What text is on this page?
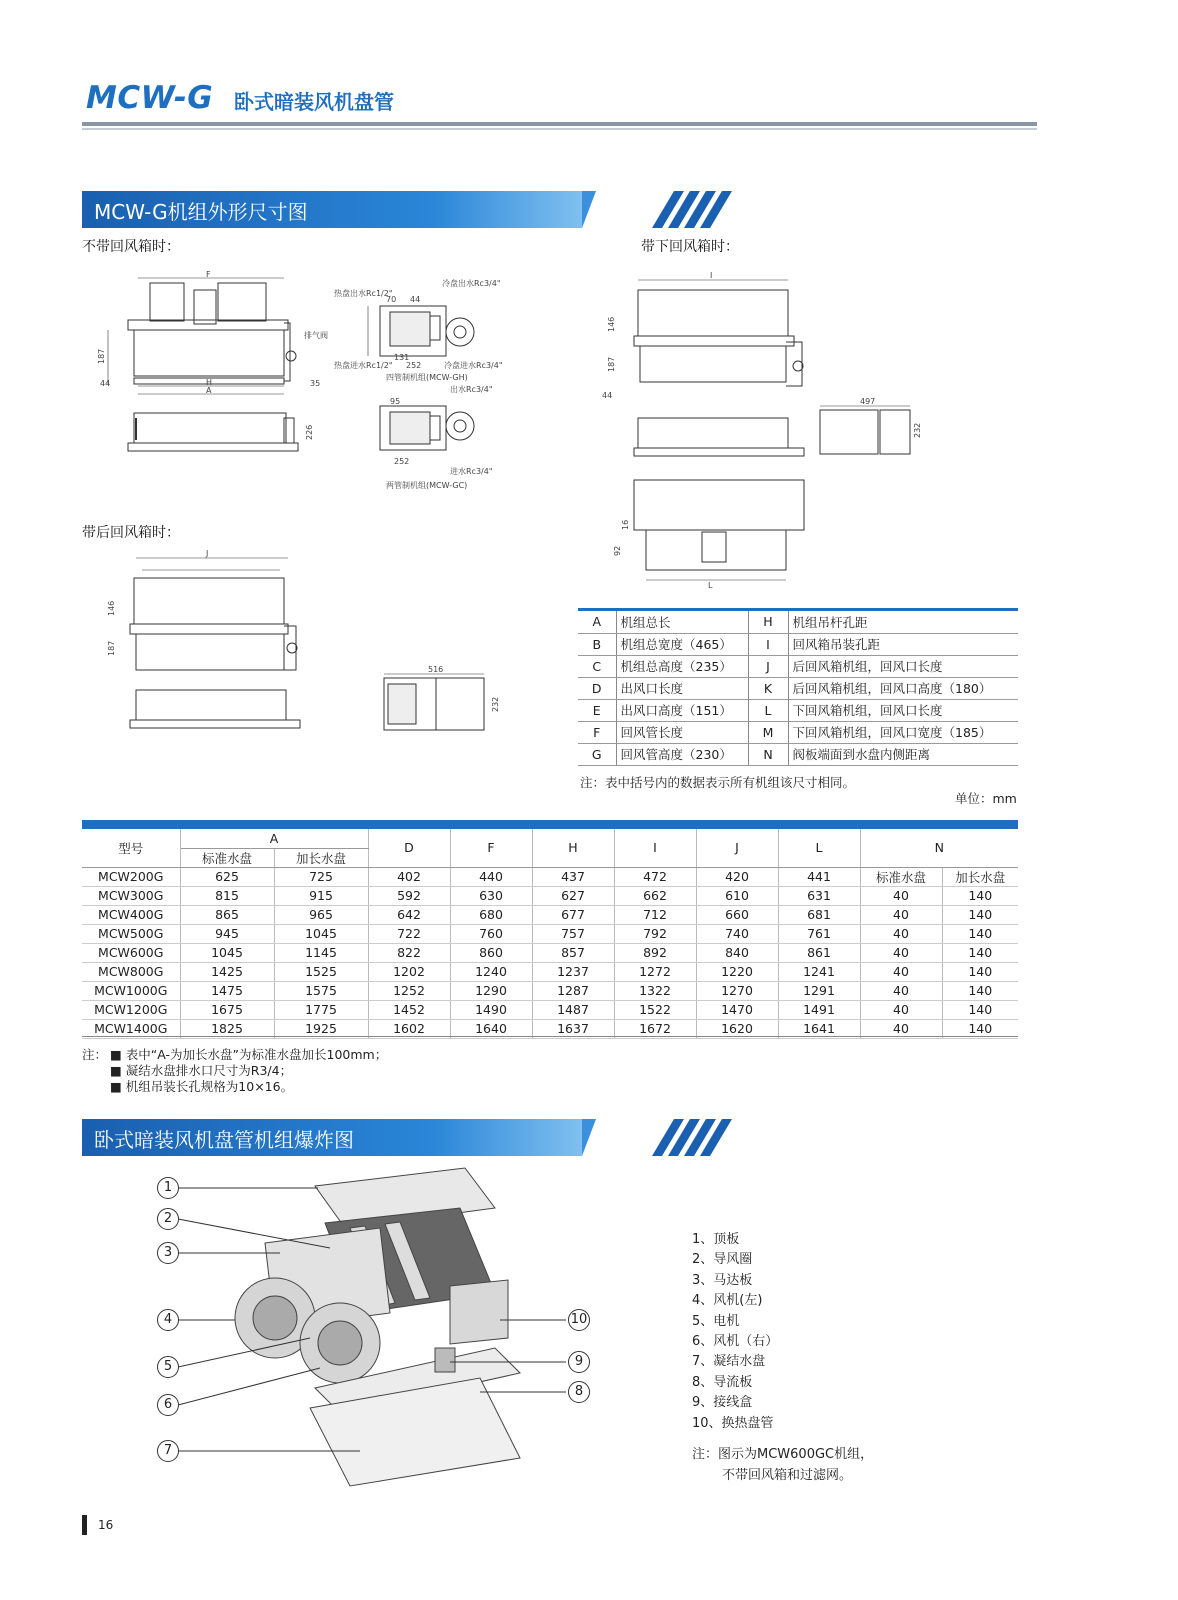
MCW-G 卧式暗装风机盘管
MCW-G机组外形尺寸图
不带回风箱时：	带下回风箱时：
带后回风箱时：
F
H
A
187
44	35
排气阀
226
热盘出水Rc1/2"
冷盘出水Rc3/4"
热盘进水Rc1/2"	冷盘进水Rc3/4"
70 44
131
252
四管制机组(MCW-GH)
出水Rc3/4"
95
252
进水Rc3/4"
两管制机组(MCW-GC)
I
146
187
44
497
232
16
92
L
J
146
187
516
232
A	机组总长	H	机组吊杆孔距
B	机组总宽度（465）	I	回风箱吊装孔距
C	机组总高度（235）	J	后回风箱机组，回风口长度
D	出风口长度	K	后回风箱机组，回风口高度（180）
E	出风口高度（151）	L	下回风箱机组，回风口长度
F	回风管长度	M	下回风箱机组，回风口宽度（185）
G	回风管高度（230）	N	阀板端面到水盘内侧距离
注：表中括号内的数据表示所有机组该尺寸相同。
单位：mm
型号	A		D	F	H	I	J	L	N	
	标准水盘	加长水盘								
MCW200G	625	725	402	440	437	472	420	441	标准水盘	加长水盘
MCW300G	815	915	592	630	627	662	610	631	40	140
MCW400G	865	965	642	680	677	712	660	681	40	140
MCW500G	945	1045	722	760	757	792	740	761	40	140
MCW600G	1045	1145	822	860	857	892	840	861	40	140
MCW800G	1425	1525	1202	1240	1237	1272	1220	1241	40	140
MCW1000G	1475	1575	1252	1290	1287	1322	1270	1291	40	140
MCW1200G	1675	1775	1452	1490	1487	1522	1470	1491	40	140
MCW1400G	1825	1925	1602	1640	1637	1672	1620	1641	40	140
注： ■ 表中“A-为加长水盘”为标准水盘加长100mm；
■ 凝结水盘排水口尺寸为R3/4；
■ 机组吊装长孔规格为10×16。
卧式暗装风机盘管机组爆炸图
1
2
3
4
5
6
7
8
9
10
1、顶板
2、导风圈
3、马达板
4、风机(左)
5、电机
6、风机（右）
7、凝结水盘
8、导流板
9、接线盒
10、换热盘管
注：图示为MCW600GC机组，
不带回风箱和过滤网。
16
